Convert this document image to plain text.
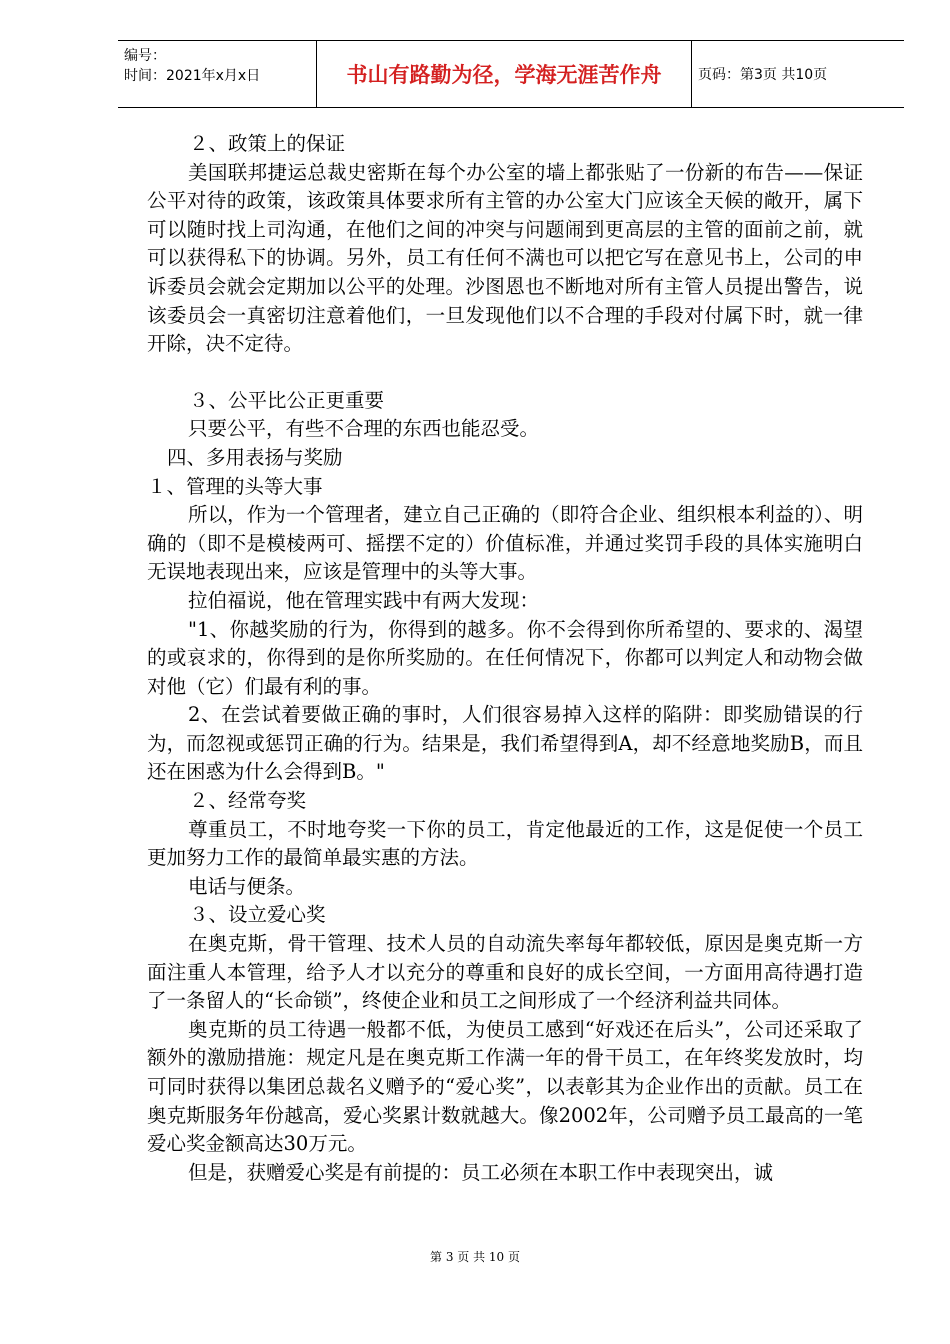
编号：
时间：2021年x月x日	书山有路勤为径，学海无涯苦作舟	页码：第3页 共10页

２、政策上的保证

美国联邦捷运总裁史密斯在每个办公室的墙上都张贴了一份新的布告——保证公平对待的政策，该政策具体要求所有主管的办公室大门应该全天候的敞开，属下可以随时找上司沟通，在他们之间的冲突与问题闹到更高层的主管的面前之前，就可以获得私下的协调。另外，员工有任何不满也可以把它写在意见书上，公司的申诉委员会就会定期加以公平的处理。沙图恩也不断地对所有主管人员提出警告，说该委员会一真密切注意着他们，一旦发现他们以不合理的手段对付属下时，就一律开除，决不定待。

３、公平比公正更重要

只要公平，有些不合理的东西也能忍受。

四、多用表扬与奖励

１、管理的头等大事

所以，作为一个管理者，建立自己正确的（即符合企业、组织根本利益的）、明确的（即不是模棱两可、摇摆不定的）价值标准，并通过奖罚手段的具体实施明白无误地表现出来，应该是管理中的头等大事。

拉伯福说，他在管理实践中有两大发现：

"1、你越奖励的行为，你得到的越多。你不会得到你所希望的、要求的、渴望的或哀求的，你得到的是你所奖励的。在任何情况下，你都可以判定人和动物会做对他（它）们最有利的事。

2、在尝试着要做正确的事时，人们很容易掉入这样的陷阱：即奖励错误的行为，而忽视或惩罚正确的行为。结果是，我们希望得到A，却不经意地奖励B，而且还在困惑为什么会得到B。"

２、经常夸奖

尊重员工，不时地夸奖一下你的员工，肯定他最近的工作，这是促使一个员工更加努力工作的最简单最实惠的方法。

电话与便条。

３、设立爱心奖

在奥克斯，骨干管理、技术人员的自动流失率每年都较低，原因是奥克斯一方面注重人本管理，给予人才以充分的尊重和良好的成长空间，一方面用高待遇打造了一条留人的“长命锁”，终使企业和员工之间形成了一个经济利益共同体。

奥克斯的员工待遇一般都不低，为使员工感到“好戏还在后头”，公司还采取了额外的激励措施：规定凡是在奥克斯工作满一年的骨干员工，在年终奖发放时，均可同时获得以集团总裁名义赠予的“爱心奖”，以表彰其为企业作出的贡献。员工在奥克斯服务年份越高，爱心奖累计数就越大。像2002年，公司赠予员工最高的一笔爱心奖金额高达30万元。

但是，获赠爱心奖是有前提的：员工必须在本职工作中表现突出，诚

第 3 页 共 10 页
